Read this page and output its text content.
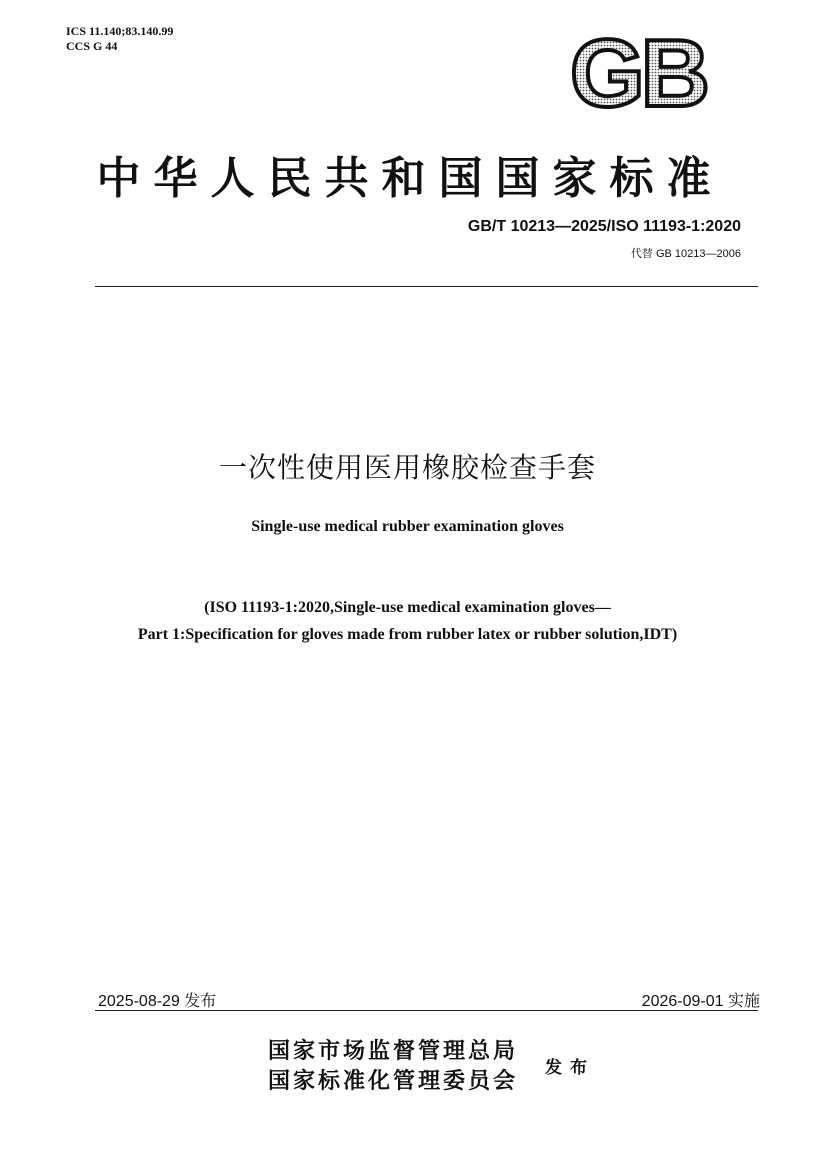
ICS 11.140;83.140.99
CCS G 44	GB
中华人民共和国国家标准
GB/T 10213—2025/ISO 11193-1:2020
代替 GB 10213—2006
一次性使用医用橡胶检查手套
Single-use medical rubber examination gloves
(ISO 11193-1:2020,Single-use medical examination gloves—
Part 1:Specification for gloves made from rubber latex or rubber solution,IDT)
2025-08-29 发布	2026-09-01 实施
国家市场监督管理总局
国家标准化管理委员会 发布
